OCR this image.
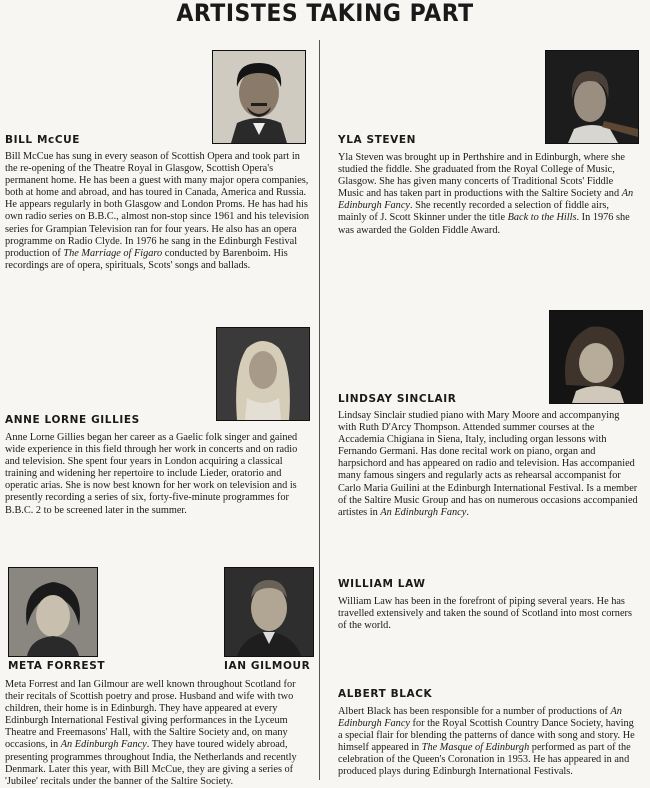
ARTISTES TAKING PART
BILL McCUE

Bill McCue has sung in every season of Scottish Opera and took part in the re-opening of the Theatre Royal in Glasgow, Scottish Opera's permanent home. He has been a guest with many major opera companies, both at home and abroad, and has toured in Canada, America and Russia. He appears regularly in both Glasgow and London Proms. He has had his own radio series on B.B.C., almost non-stop since 1961 and his television series for Grampian Television ran for four years. He also has an opera programme on Radio Clyde. In 1976 he sang in the Edinburgh Festival production of The Marriage of Figaro conducted by Barenboim. His recordings are of opera, spirituals, Scots' songs and ballads.

YLA STEVEN

Yla Steven was brought up in Perthshire and in Edinburgh, where she studied the fiddle. She graduated from the Royal College of Music, Glasgow. She has given many concerts of Traditional Scots' Fiddle Music and has taken part in productions with the Saltire Society and An Edinburgh Fancy. She recently recorded a selection of fiddle airs, mainly of J. Scott Skinner under the title Back to the Hills. In 1976 she was awarded the Golden Fiddle Award.

ANNE LORNE GILLIES

Anne Lorne Gillies began her career as a Gaelic folk singer and gained wide experience in this field through her work in concerts and on radio and television. She spent four years in London acquiring a classical training and widening her repertoire to include Lieder, oratorio and operatic arias. She is now best known for her work on television and is presently recording a series of six, forty-five-minute programmes for B.B.C. 2 to be screened later in the summer.

LINDSAY SINCLAIR

Lindsay Sinclair studied piano with Mary Moore and accompanying with Ruth D'Arcy Thompson. Attended summer courses at the Accademia Chigiana in Siena, Italy, including organ lessons with Fernando Germani. Has done recital work on piano, organ and harpsichord and has appeared on radio and television. Has accompanied many famous singers and regularly acts as rehearsal accompanist for Carlo Maria Guilini at the Edinburgh International Festival. Is a member of the Saltire Music Group and has on numerous occasions accompanied artistes in An Edinburgh Fancy.

WILLIAM LAW

William Law has been in the forefront of piping several years. He has travelled extensively and taken the sound of Scotland into most corners of the world.

META FORREST	IAN GILMOUR

Meta Forrest and Ian Gilmour are well known throughout Scotland for their recitals of Scottish poetry and prose. Husband and wife with two children, their home is in Edinburgh. They have appeared at every Edinburgh International Festival giving performances in the Lyceum Theatre and Freemasons' Hall, with the Saltire Society and, on many occasions, in An Edinburgh Fancy. They have toured widely abroad, presenting programmes throughout India, the Netherlands and recently Denmark. Later this year, with Bill McCue, they are giving a series of 'Jubilee' recitals under the banner of the Saltire Society.

ALBERT BLACK

Albert Black has been responsible for a number of productions of An Edinburgh Fancy for the Royal Scottish Country Dance Society, having a special flair for blending the patterns of dance with song and story. He himself appeared in The Masque of Edinburgh performed as part of the celebration of the Queen's Coronation in 1953. He has appeared in and produced plays during Edinburgh International Festivals.
